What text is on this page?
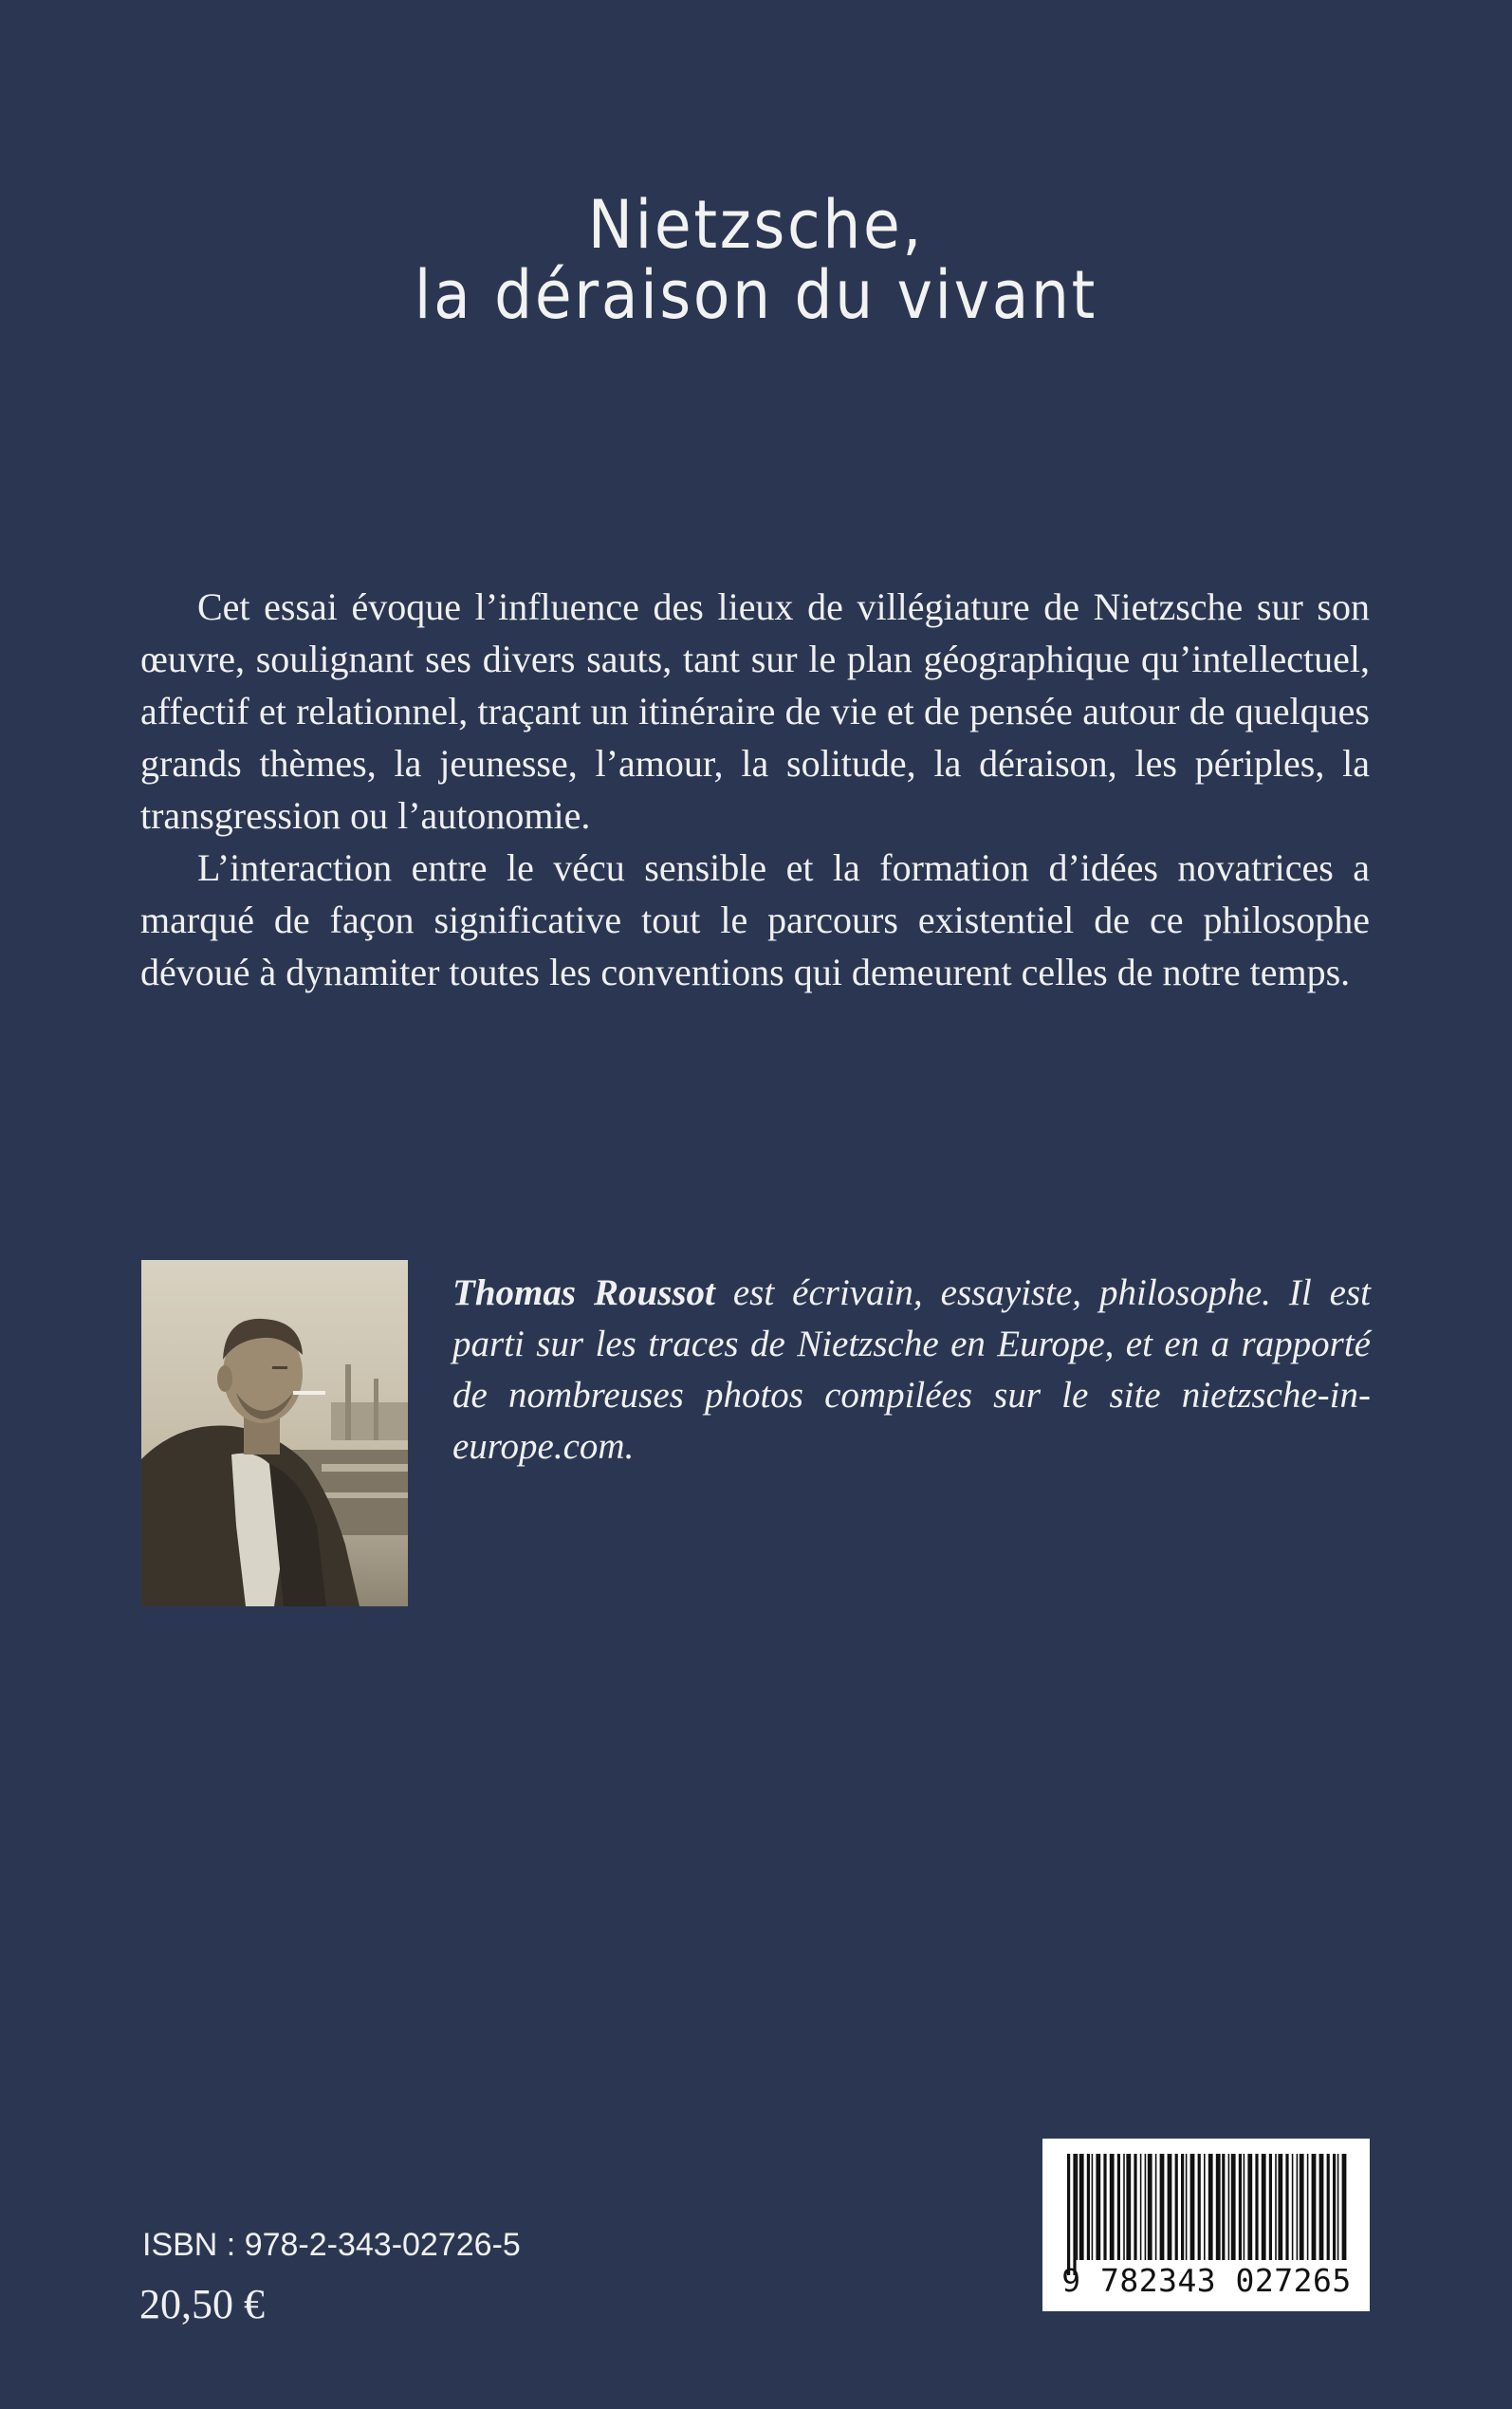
Nietzsche,
la déraison du vivant

Cet essai évoque l’influence des lieux de villégiature de Nietzsche sur son œuvre, soulignant ses divers sauts, tant sur le plan géographique qu’intellectuel, affectif et relationnel, traçant un itinéraire de vie et de pensée autour de quelques grands thèmes, la jeunesse, l’amour, la solitude, la déraison, les périples, la transgression ou l’autonomie.

L’interaction entre le vécu sensible et la formation d’idées novatrices a marqué de façon significative tout le parcours existentiel de ce philosophe dévoué à dynamiter toutes les conventions qui demeurent celles de notre temps.

Thomas Roussot est écrivain, essayiste, philosophe. Il est parti sur les traces de Nietzsche en Europe, et en a rapporté de nombreuses photos compilées sur le site nietzsche-in-europe.com.

ISBN : 978-2-343-02726-5
20,50 €
9 782343 027265
